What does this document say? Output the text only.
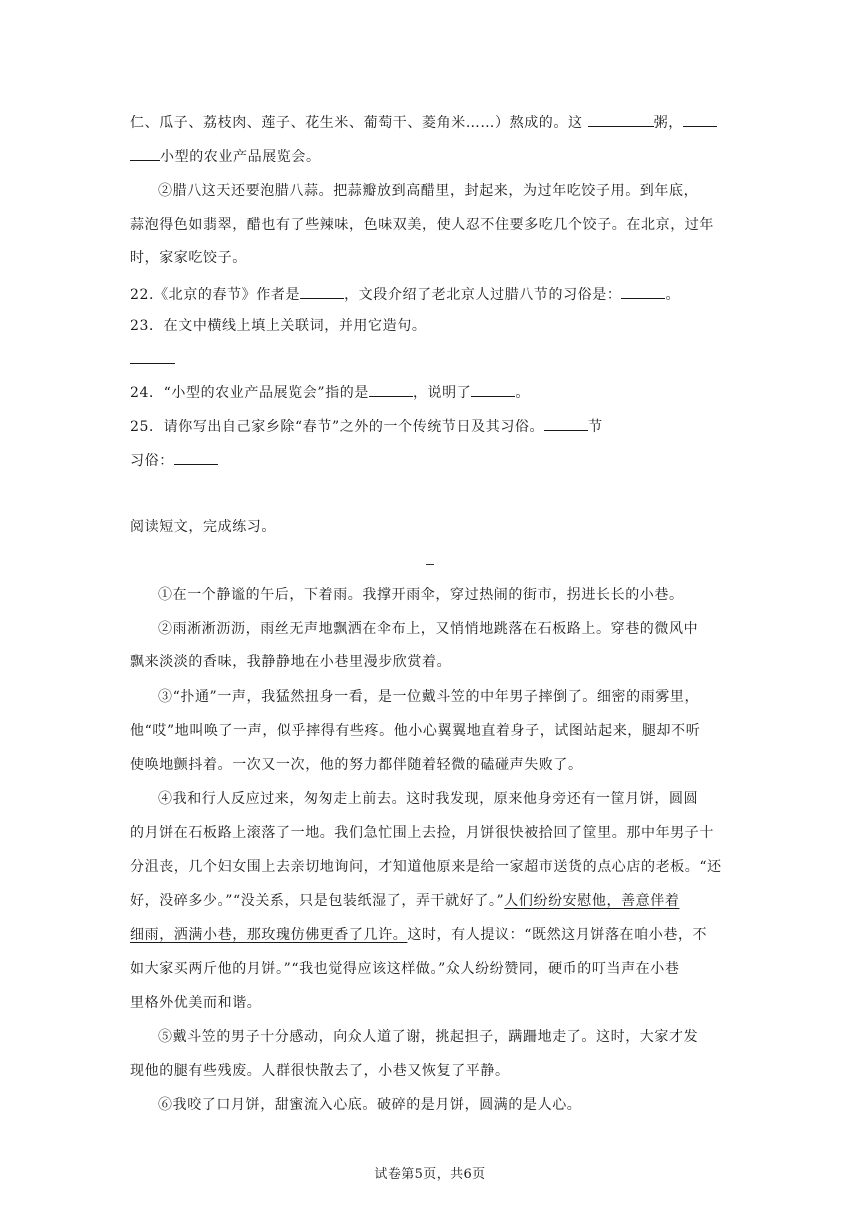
仁、瓜子、荔枝肉、莲子、花生米、葡萄干、菱角米……）熬成的。这	粥，
小型的农业产品展览会。
②腊八这天还要泡腊八蒜。把蒜瓣放到高醋里，封起来，为过年吃饺子用。到年底，
蒜泡得色如翡翠，醋也有了些辣味，色味双美，使人忍不住要多吃几个饺子。在北京，过年
时，家家吃饺子。
22.《北京的春节》作者是	，文段介绍了老北京人过腊八节的习俗是：	。
23．在文中横线上填上关联词，并用它造句。
24．“小型的农业产品展览会”指的是	，说明了	。
25．请你写出自己家乡除“春节”之外的一个传统节日及其习俗。	节
习俗：
阅读短文，完成练习。
①在一个静谧的午后，下着雨。我撑开雨伞，穿过热闹的街市，拐进长长的小巷。
②雨淅淅沥沥，雨丝无声地飘洒在伞布上，又悄悄地跳落在石板路上。穿巷的微风中
飘来淡淡的香味，我静静地在小巷里漫步欣赏着。
③“扑通”一声，我猛然扭身一看，是一位戴斗笠的中年男子摔倒了。细密的雨雾里，
他“哎”地叫唤了一声，似乎摔得有些疼。他小心翼翼地直着身子，试图站起来，腿却不听
使唤地颤抖着。一次又一次，他的努力都伴随着轻微的磕碰声失败了。
④我和行人反应过来，匆匆走上前去。这时我发现，原来他身旁还有一筐月饼，圆圆
的月饼在石板路上滚落了一地。我们急忙围上去捡，月饼很快被拾回了筐里。那中年男子十
分沮丧，几个妇女围上去亲切地询问，才知道他原来是给一家超市送货的点心店的老板。“还
好，没碎多少。”“没关系，只是包装纸湿了，弄干就好了。”人们纷纷安慰他，善意伴着
细雨，洒满小巷，那玫瑰仿佛更香了几许。这时，有人提议：“既然这月饼落在咱小巷，不
如大家买两斤他的月饼。”“我也觉得应该这样做。”众人纷纷赞同，硬币的叮当声在小巷
里格外优美而和谐。
⑤戴斗笠的男子十分感动，向众人道了谢，挑起担子，蹒跚地走了。这时，大家才发
现他的腿有些残废。人群很快散去了，小巷又恢复了平静。
⑥我咬了口月饼，甜蜜流入心底。破碎的是月饼，圆满的是人心。
试卷第5页，共6页
